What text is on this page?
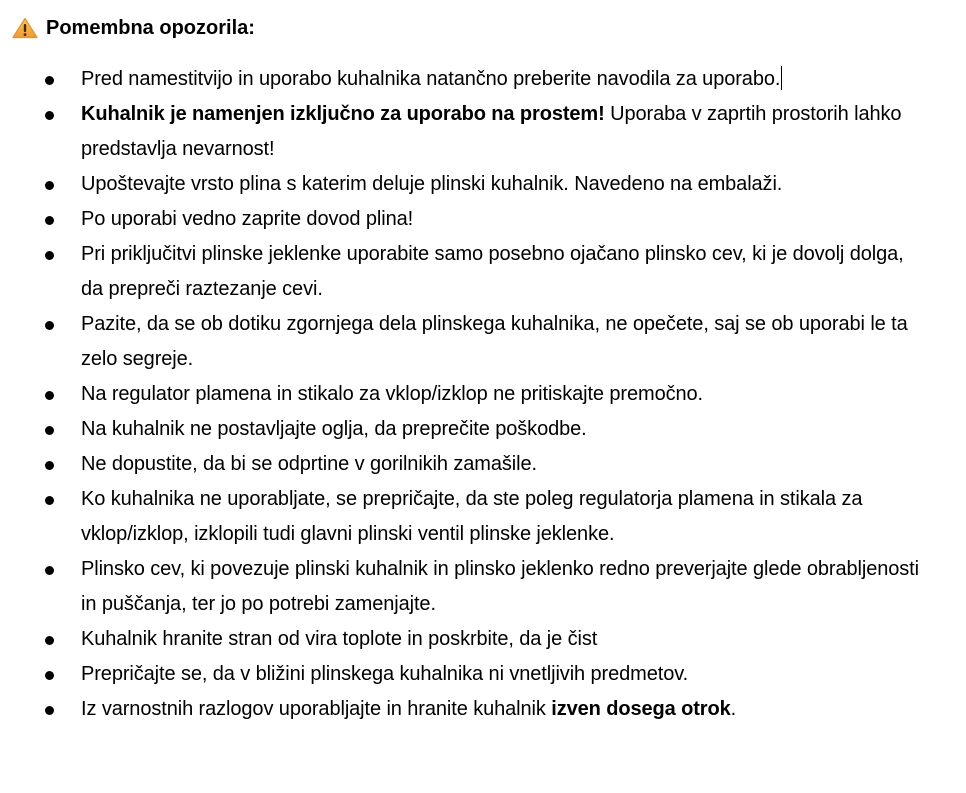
Pomembna opozorila:
Pred namestitvijo in uporabo kuhalnika natančno preberite navodila za uporabo.
Kuhalnik je namenjen izključno za uporabo na prostem! Uporaba v zaprtih prostorih lahko predstavlja nevarnost!
Upoštevajte vrsto plina s katerim deluje plinski kuhalnik. Navedeno na embalaži.
Po uporabi vedno zaprite dovod plina!
Pri priključitvi plinske jeklenke uporabite samo posebno ojačano plinsko cev, ki je dovolj dolga, da prepreči raztezanje cevi.
Pazite, da se ob dotiku zgornjega dela plinskega kuhalnika, ne opečete, saj se ob uporabi le ta zelo segreje.
Na regulator plamena in stikalo za vklop/izklop ne pritiskajte premočno.
Na kuhalnik ne postavljajte oglja, da preprečite poškodbe.
Ne dopustite, da bi se odprtine v gorilnikih zamašile.
Ko kuhalnika ne uporabljate, se prepričajte, da ste poleg regulatorja plamena in stikala za vklop/izklop, izklopili tudi glavni plinski ventil plinske jeklenke.
Plinsko cev, ki povezuje plinski kuhalnik in plinsko jeklenko redno preverjajte glede obrabljenosti in puščanja, ter jo po potrebi zamenjajte.
Kuhalnik hranite stran od vira toplote in poskrbite, da je čist
Prepričajte se, da v bližini plinskega kuhalnika ni vnetljivih predmetov.
Iz varnostnih razlogov uporabljajte in hranite kuhalnik izven dosega otrok.
